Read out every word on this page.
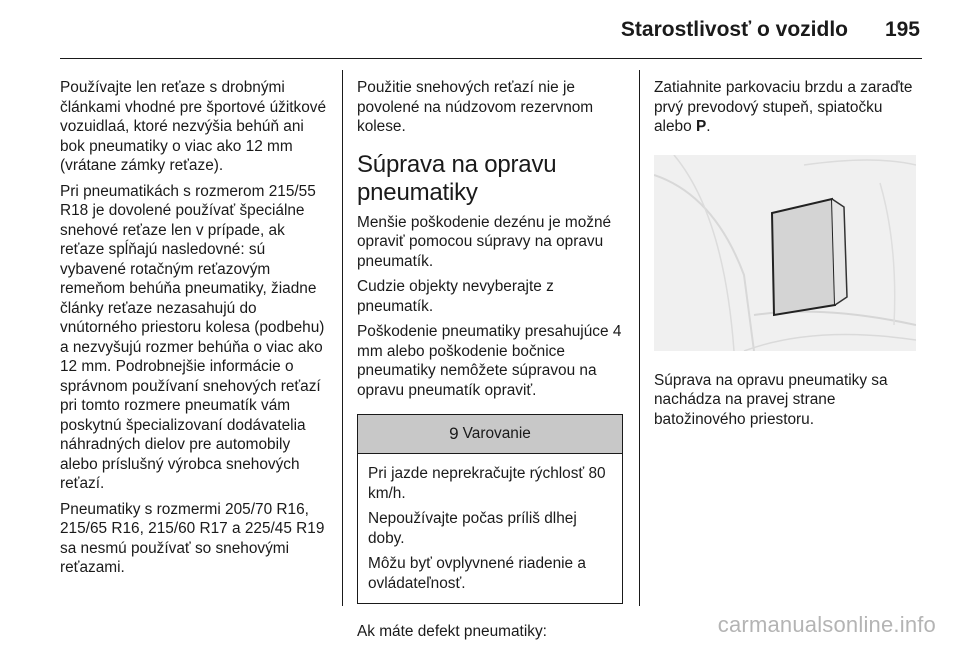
Starostlivosť o vozidlo 195

Používajte len reťaze s drobnými článkami vhodné pre športové úžitkové vozuidlaá, ktoré nezvýšia behúň ani bok pneumatiky o viac ako 12 mm (vrátane zámky reťaze).

Pri pneumatikách s rozmerom 215/55 R18 je dovolené používať špeciálne snehové reťaze len v prípade, ak reťaze spĺňajú nasledovné: sú vybavené rotačným reťazovým remeňom behúňa pneumatiky, žiadne články reťaze nezasahujú do vnútorného priestoru kolesa (podbehu) a nezvyšujú rozmer behúňa o viac ako 12 mm. Podrobnejšie informácie o správnom používaní snehových reťazí pri tomto rozmere pneumatík vám poskytnú špecializovaní dodávatelia náhradných dielov pre automobily alebo príslušný výrobca snehových reťazí.

Pneumatiky s rozmermi 205/70 R16, 215/65 R16, 215/60 R17 a 225/45 R19 sa nesmú používať so snehovými reťazami.

Použitie snehových reťazí nie je povolené na núdzovom rezervnom kolese.

Súprava na opravu pneumatiky

Menšie poškodenie dezénu je možné opraviť pomocou súpravy na opravu pneumatík.

Cudzie objekty nevyberajte z pneumatík.

Poškodenie pneumatiky presahujúce 4 mm alebo poškodenie bočnice pneumatiky nemôžete súpravou na opravu pneumatík opraviť.

9 Varovanie

Pri jazde neprekračujte rýchlosť 80 km/h.

Nepoužívajte počas príliš dlhej doby.

Môžu byť ovplyvnené riadenie a ovládateľnosť.

Ak máte defekt pneumatiky:

Zatiahnite parkovaciu brzdu a zaraďte prvý prevodový stupeň, spiatočku alebo P.

Súprava na opravu pneumatiky sa nachádza na pravej strane batožinového priestoru.

carmanualsonline.info
